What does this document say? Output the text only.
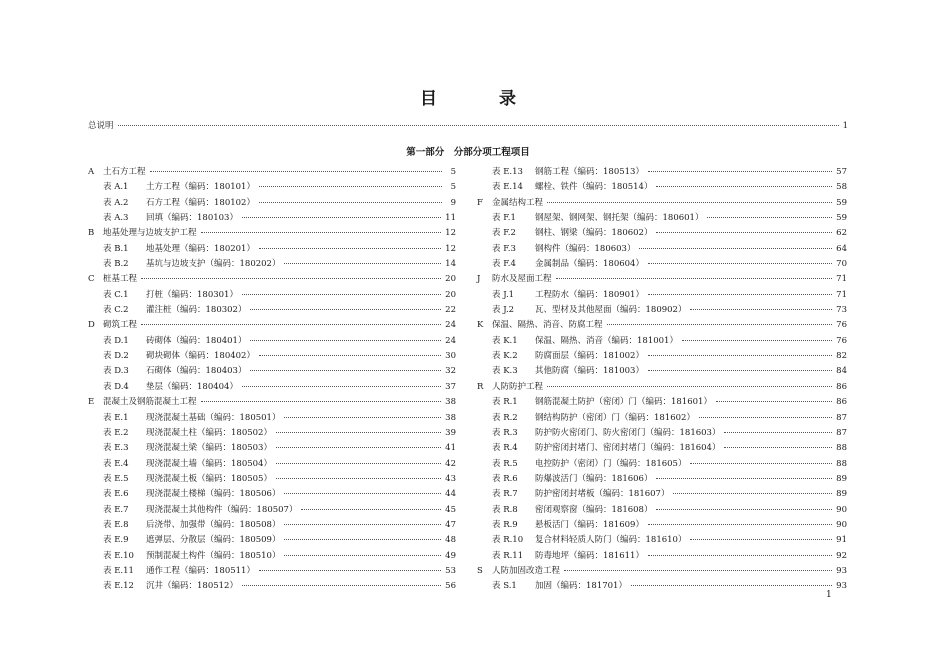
目	录
总说明	1
第一部分　分部分项工程项目
A 土石方工程	5
表 A.1 土方工程（编码：180101）	5
表 A.2 石方工程（编码：180102）	9
表 A.3 回填（编码：180103）	11
B 地基处理与边坡支护工程	12
表 B.1 地基处理（编码：180201）	12
表 B.2 基坑与边坡支护（编码：180202）	14
C 桩基工程	20
表 C.1 打桩（编码：180301）	20
表 C.2 灌注桩（编码：180302）	22
D 砌筑工程	24
表 D.1 砖砌体（编码：180401）	24
表 D.2 砌块砌体（编码：180402）	30
表 D.3 石砌体（编码：180403）	32
表 D.4 垫层（编码：180404）	37
E 混凝土及钢筋混凝土工程	38
表 E.1 现浇混凝土基础（编码：180501）	38
表 E.2 现浇混凝土柱（编码：180502）	39
表 E.3 现浇混凝土梁（编码：180503）	41
表 E.4 现浇混凝土墙（编码：180504）	42
表 E.5 现浇混凝土板（编码：180505）	43
表 E.6 现浇混凝土楼梯（编码：180506）	44
表 E.7 现浇混凝土其他构件（编码：180507）	45
表 E.8 后浇带、加强带（编码：180508）	47
表 E.9 遮弹层、分散层（编码：180509）	48
表 E.10 预制混凝土构件（编码：180510）	49
表 E.11 通作工程（编码：180511）	53
表 E.12 沉井（编码：180512）	56
表 E.13 钢筋工程（编码：180513）	57
表 E.14 螺栓、铁件（编码：180514）	58
F 金属结构工程	59
表 F.1 钢屋架、钢网架、钢托架（编码：180601）	59
表 F.2 钢柱、钢梁（编码：180602）	62
表 F.3 钢构件（编码：180603）	64
表 F.4 金属制品（编码：180604）	70
J 防水及屋面工程	71
表 J.1 工程防水（编码：180901）	71
表 J.2 瓦、型材及其他屋面（编码：180902）	73
K 保温、隔热、消音、防腐工程	76
表 K.1 保温、隔热、消音（编码：181001）	76
表 K.2 防腐面层（编码：181002）	82
表 K.3 其他防腐（编码：181003）	84
R 人防防护工程	86
表 R.1 钢筋混凝土防护（密闭）门（编码：181601）	86
表 R.2 钢结构防护（密闭）门（编码：181602）	87
表 R.3 防护防火密闭门、防火密闭门（编码：181603）	87
表 R.4 防护密闭封堵门、密闭封堵门（编码：181604）	88
表 R.5 电控防护（密闭）门（编码：181605）	88
表 R.6 防爆波活门（编码：181606）	89
表 R.7 防护密闭封堵板（编码：181607）	89
表 R.8 密闭观察窗（编码：181608）	90
表 R.9 悬板活门（编码：181609）	90
表 R.10 复合材料轻质人防门（编码：181610）	91
表 R.11 防毒地坪（编码：181611）	92
S 人防加固改造工程	93
表 S.1 加固（编码：181701）	93
1
